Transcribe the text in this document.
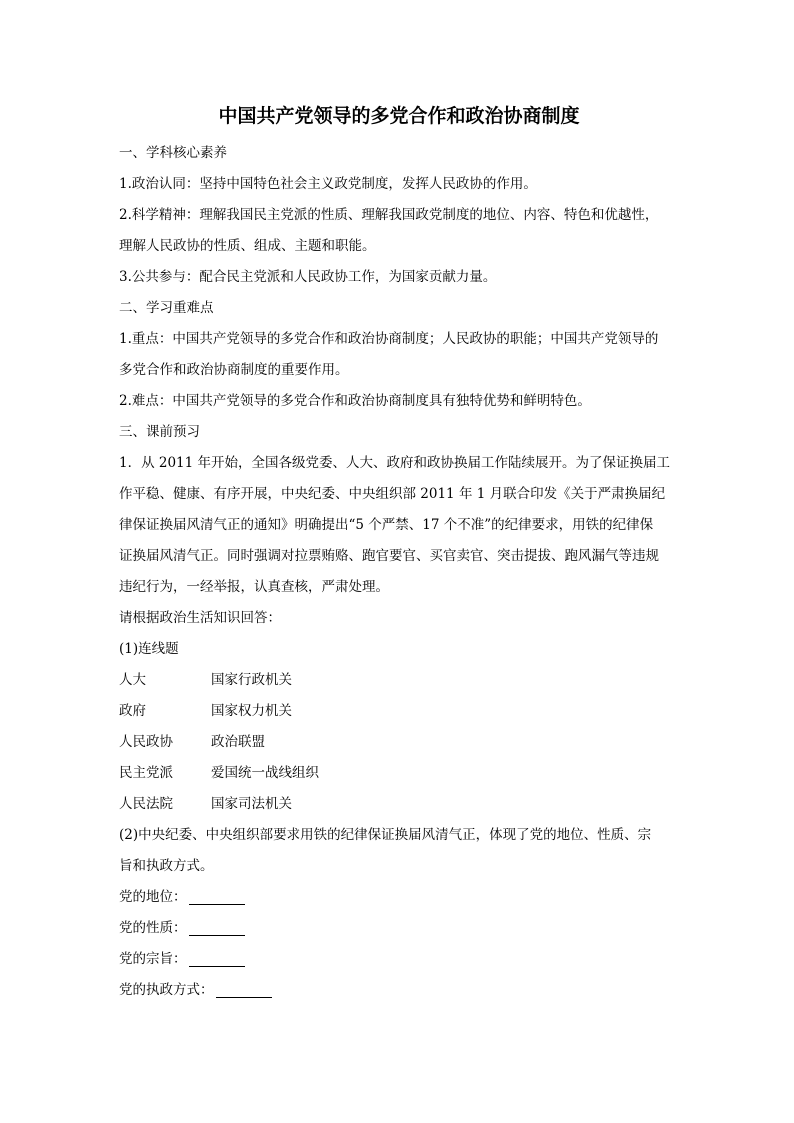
中国共产党领导的多党合作和政治协商制度
一、学科核心素养
1.政治认同：坚持中国特色社会主义政党制度，发挥人民政协的作用。
2.科学精神：理解我国民主党派的性质、理解我国政党制度的地位、内容、特色和优越性，
理解人民政协的性质、组成、主题和职能。
3.公共参与：配合民主党派和人民政协工作，为国家贡献力量。
二、学习重难点
1.重点：中国共产党领导的多党合作和政治协商制度；人民政协的职能；中国共产党领导的
多党合作和政治协商制度的重要作用。
2.难点：中国共产党领导的多党合作和政治协商制度具有独特优势和鲜明特色。
三、课前预习
1．从 2011 年开始，全国各级党委、人大、政府和政协换届工作陆续展开。为了保证换届工
作平稳、健康、有序开展，中央纪委、中央组织部 2011 年 1 月联合印发《关于严肃换届纪
律保证换届风清气正的通知》明确提出“5 个严禁、17 个不准”的纪律要求，用铁的纪律保
证换届风清气正。同时强调对拉票贿赂、跑官要官、买官卖官、突击提拔、跑风漏气等违规
违纪行为，一经举报，认真查核，严肃处理。
请根据政治生活知识回答：
(1)连线题
人大	国家行政机关
政府	国家权力机关
人民政协	政治联盟
民主党派	爱国统一战线组织
人民法院	国家司法机关
(2)中央纪委、中央组织部要求用铁的纪律保证换届风清气正，体现了党的地位、性质、宗
旨和执政方式。
党的地位：
党的性质：
党的宗旨：
党的执政方式：
